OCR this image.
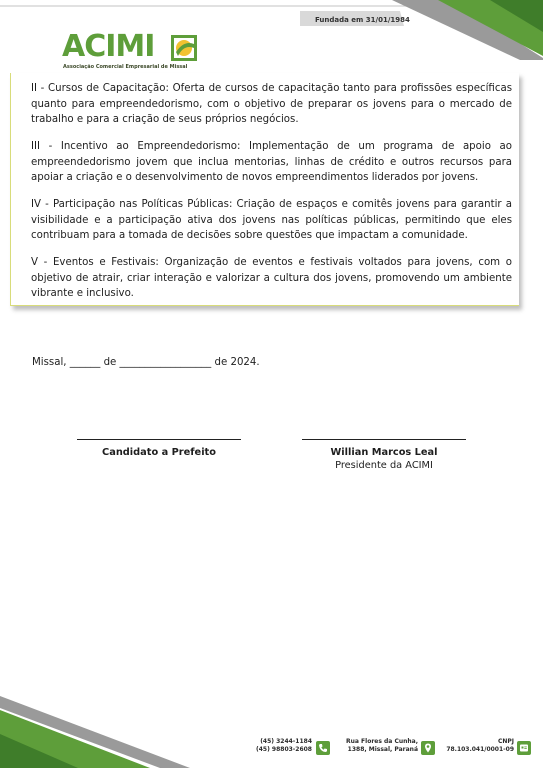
Fundada em 31/01/1984
ACIMI
Associação Comercial Empresarial de Missal

II - Cursos de Capacitação: Oferta de cursos de capacitação tanto para profissões específicas quanto para empreendedorismo, com o objetivo de preparar os jovens para o mercado de trabalho e para a criação de seus próprios negócios.

III - Incentivo ao Empreendedorismo: Implementação de um programa de apoio ao empreendedorismo jovem que inclua mentorias, linhas de crédito e outros recursos para apoiar a criação e o desenvolvimento de novos empreendimentos liderados por jovens.

IV - Participação nas Políticas Públicas: Criação de espaços e comitês jovens para garantir a visibilidade e a participação ativa dos jovens nas políticas públicas, permitindo que eles contribuam para a tomada de decisões sobre questões que impactam a comunidade.

V - Eventos e Festivais: Organização de eventos e festivais voltados para jovens, com o objetivo de atrair, criar interação e valorizar a cultura dos jovens, promovendo um ambiente vibrante e inclusivo.

Missal, ______ de __________________ de 2024.
Candidato a Prefeito	Willian Marcos Leal
Presidente da ACIMI
(45) 3244-1184
(45) 98803-2608
Rua Flores da Cunha,
1388, Missal, Paraná
CNPJ
78.103.041/0001-09
